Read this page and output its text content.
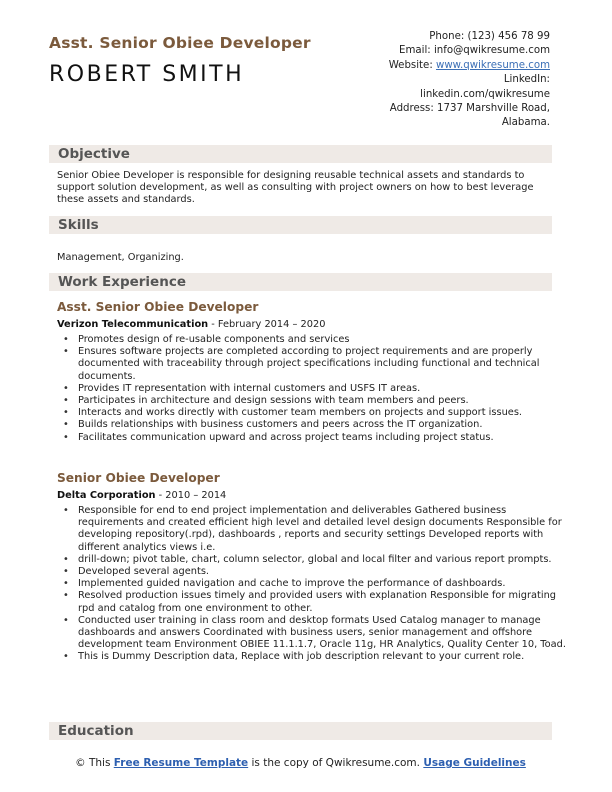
Asst. Senior Obiee Developer
ROBERT SMITH
Phone: (123) 456 78 99
Email: info@qwikresume.com
Website: www.qwikresume.com
LinkedIn:
linkedin.com/qwikresume
Address: 1737 Marshville Road,
Alabama.
Objective
Senior Obiee Developer is responsible for designing reusable technical assets and standards to support solution development, as well as consulting with project owners on how to best leverage these assets and standards.
Skills
Management, Organizing.
Work Experience
Asst. Senior Obiee Developer
Verizon Telecommunication - February 2014 – 2020
• Promotes design of re-usable components and services
• Ensures software projects are completed according to project requirements and are properly documented with traceability through project specifications including functional and technical documents.
• Provides IT representation with internal customers and USFS IT areas.
• Participates in architecture and design sessions with team members and peers.
• Interacts and works directly with customer team members on projects and support issues.
• Builds relationships with business customers and peers across the IT organization.
• Facilitates communication upward and across project teams including project status.
Senior Obiee Developer
Delta Corporation - 2010 – 2014
• Responsible for end to end project implementation and deliverables Gathered business requirements and created efficient high level and detailed level design documents Responsible for developing repository(.rpd), dashboards , reports and security settings Developed reports with different analytics views i.e.
• drill-down; pivot table, chart, column selector, global and local filter and various report prompts.
• Developed several agents.
• Implemented guided navigation and cache to improve the performance of dashboards.
• Resolved production issues timely and provided users with explanation Responsible for migrating rpd and catalog from one environment to other.
• Conducted user training in class room and desktop formats Used Catalog manager to manage dashboards and answers Coordinated with business users, senior management and offshore development team Environment OBIEE 11.1.1.7, Oracle 11g, HR Analytics, Quality Center 10, Toad.
• This is Dummy Description data, Replace with job description relevant to your current role.
Education
© This Free Resume Template is the copy of Qwikresume.com. Usage Guidelines
